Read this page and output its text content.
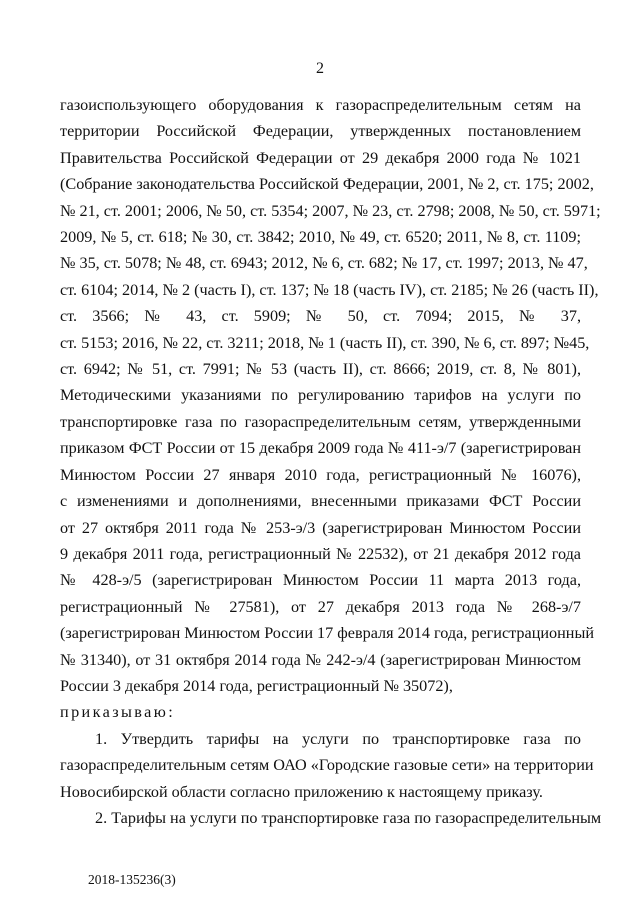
2
газоиспользующего оборудования к газораспределительным сетям на
территории Российской Федерации, утвержденных постановлением
Правительства Российской Федерации от 29 декабря 2000 года № 1021
(Собрание законодательства Российской Федерации, 2001, № 2, ст. 175; 2002,
№ 21, ст. 2001; 2006, № 50, ст. 5354; 2007, № 23, ст. 2798; 2008, № 50, ст. 5971;
2009, № 5, ст. 618; № 30, ст. 3842; 2010, № 49, ст. 6520; 2011, № 8, ст. 1109;
№ 35, ст. 5078; № 48, ст. 6943; 2012, № 6, ст. 682; № 17, ст. 1997; 2013, № 47,
ст. 6104; 2014, № 2 (часть I), ст. 137; № 18 (часть IV), ст. 2185; № 26 (часть II),
ст. 3566; № 43, ст. 5909; № 50, ст. 7094; 2015, № 37,
ст. 5153; 2016, № 22, ст. 3211; 2018, № 1 (часть II), ст. 390, № 6, ст. 897; №45,
ст. 6942; № 51, ст. 7991; № 53 (часть II), ст. 8666; 2019, ст. 8, № 801),
Методическими указаниями по регулированию тарифов на услуги по
транспортировке газа по газораспределительным сетям, утвержденными
приказом ФСТ России от 15 декабря 2009 года № 411-э/7 (зарегистрирован
Минюстом России 27 января 2010 года, регистрационный № 16076),
с изменениями и дополнениями, внесенными приказами ФСТ России
от 27 октября 2011 года № 253-э/3 (зарегистрирован Минюстом России
9 декабря 2011 года, регистрационный № 22532), от 21 декабря 2012 года
№ 428-э/5 (зарегистрирован Минюстом России 11 марта 2013 года,
регистрационный № 27581), от 27 декабря 2013 года № 268-э/7
(зарегистрирован Минюстом России 17 февраля 2014 года, регистрационный
№ 31340), от 31 октября 2014 года № 242-э/4 (зарегистрирован Минюстом
России 3 декабря 2014 года, регистрационный № 35072),
приказываю:
1. Утвердить тарифы на услуги по транспортировке газа по
газораспределительным сетям ОАО «Городские газовые сети» на территории
Новосибирской области согласно приложению к настоящему приказу.
2. Тарифы на услуги по транспортировке газа по газораспределительным
2018-135236(3)
